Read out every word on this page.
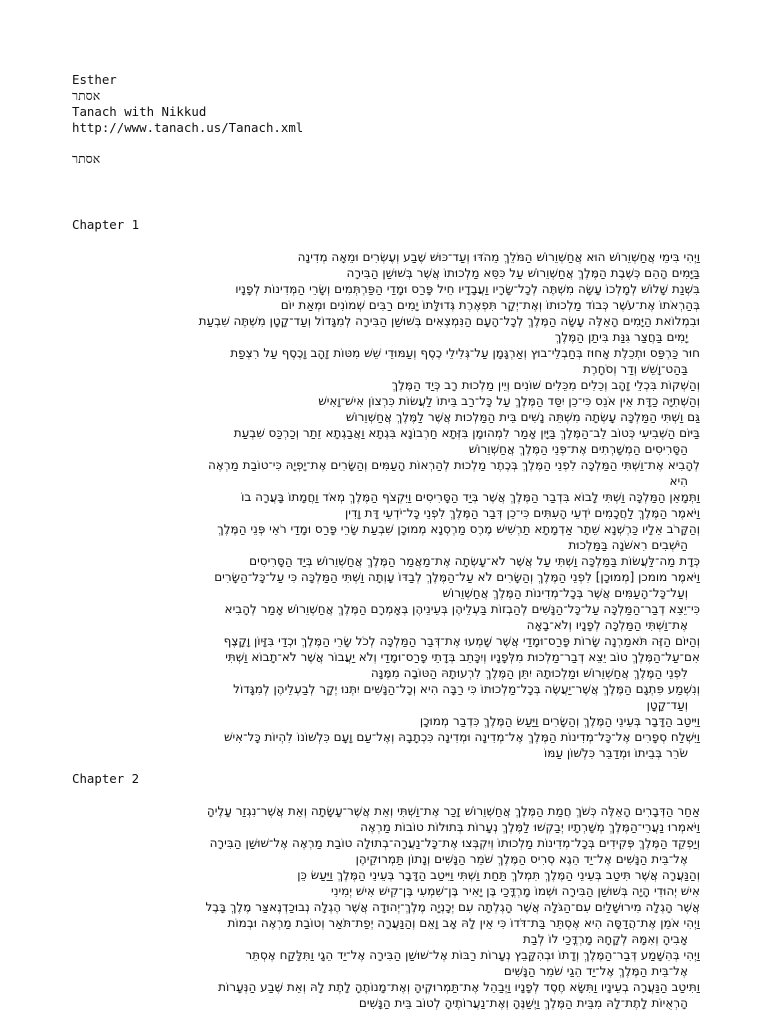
Esther
אסתר
Tanach with Nikkud
http://www.tanach.us/Tanach.xml
אסתר
Chapter 1
וַיְהִי בִּימֵי אֲחַשְׁוֵרוֹשׁ הוּא אֲחַשְׁוֵרוֹשׁ הַמֹּלֵךְ מֵהֹדּוּ וְעַד־כּוּשׁ שֶׁבַע וְעֶשְׂרִים וּמֵאָה מְדִינָה
בַּיָּמִים הָהֵם כְּשֶׁבֶת הַמֶּלֶךְ אֲחַשְׁוֵרוֹשׁ עַל כִּסֵּא מַלְכוּתוֹ אֲשֶׁר בְּשׁוּשַׁן הַבִּירָה
בִּשְׁנַת שָׁלוֹשׁ לְמָלְכוֹ עָשָׂה מִשְׁתֶּה לְכָל־שָׂרָיו וַעֲבָדָיו חֵיל פָּרַס וּמָדַי הַפַּרְתְּמִים וְשָׂרֵי הַמְּדִינוֹת לְפָנָיו
בְּהַרְאֹתוֹ אֶת־עֹשֶׁר כְּבוֹד מַלְכוּתוֹ וְאֶת־יְקָר תִּפְאֶרֶת גְּדוּלָּתוֹ יָמִים רַבִּים שְׁמוֹנִים וּמְאַת יוֹם
וּבִמְלוֹאת הַיָּמִים הָאֵלֶּה עָשָׂה הַמֶּלֶךְ לְכָל־הָעָם הַנִּמְצְאִים בְּשׁוּשַׁן הַבִּירָה לְמִגָּדוֹל וְעַד־קָטָן מִשְׁתֶּה שִׁבְעַת
יָמִים בַּחֲצַר גִּנַּת בִּיתַן הַמֶּלֶךְ
חוּר כַּרְפַּס וּתְכֵלֶת אָחוּז בְּחַבְלֵי־בוּץ וְאַרְגָּמָן עַל־גְּלִילֵי כֶסֶף וְעַמּוּדֵי שֵׁשׁ מִטּוֹת זָהָב וָכֶסֶף עַל רִצְפַת
בַּהַט־וָשֵׁשׁ וְדַר וְסֹחָרֶת
וְהַשְׁקוֹת בִּכְלֵי זָהָב וְכֵלִים מִכֵּלִים שׁוֹנִים וְיֵין מַלְכוּת רָב כְּיַד הַמֶּלֶךְ
וְהַשְּׁתִיָּה כַדָּת אֵין אֹנֵס כִּי־כֵן יִסַּד הַמֶּלֶךְ עַל כָּל־רַב בֵּיתוֹ לַעֲשׂוֹת כִּרְצוֹן אִישׁ־וָאִישׁ
גַּם וַשְׁתִּי הַמַּלְכָּה עָשְׂתָה מִשְׁתֵּה נָשִׁים בֵּית הַמַּלְכוּת אֲשֶׁר לַמֶּלֶךְ אֲחַשְׁוֵרוֹשׁ
בַּיּוֹם הַשְּׁבִיעִי כְּטוֹב לֵב־הַמֶּלֶךְ בַּיָּיִן אָמַר לִמְהוּמָן בִּזְּתָא חַרְבוֹנָא בִּגְתָא וַאֲבַגְתָא זֵתַר וְכַרְכַּס שִׁבְעַת
הַסָּרִיסִים הַמְשָׁרְתִים אֶת־פְּנֵי הַמֶּלֶךְ אֲחַשְׁוֵרוֹשׁ
לְהָבִיא אֶת־וַשְׁתִּי הַמַּלְכָּה לִפְנֵי הַמֶּלֶךְ בְּכֶתֶר מַלְכוּת לְהַרְאוֹת הָעַמִּים וְהַשָּׂרִים אֶת־יָפְיָהּ כִּי־טוֹבַת מַרְאֶה
הִיא
וַתְּמָאֵן הַמַּלְכָּה וַשְׁתִּי לָבוֹא בִּדְבַר הַמֶּלֶךְ אֲשֶׁר בְּיַד הַסָּרִיסִים וַיִּקְצֹף הַמֶּלֶךְ מְאֹד וַחֲמָתוֹ בָּעֲרָה בוֹ
וַיֹּאמֶר הַמֶּלֶךְ לַחֲכָמִים יֹדְעֵי הָעִתִּים כִּי־כֵן דְּבַר הַמֶּלֶךְ לִפְנֵי כָּל־יֹדְעֵי דָּת וָדִין
וְהַקָּרֹב אֵלָיו כַּרְשְׁנָא שֵׁתָר אַדְמָתָא תַרְשִׁישׁ מֶרֶס מַרְסְנָא מְמוּכָן שִׁבְעַת שָׂרֵי פָּרַס וּמָדַי רֹאֵי פְּנֵי הַמֶּלֶךְ
הַיֹּשְׁבִים רִאשֹׁנָה בַּמַּלְכוּת
כְּדָת מַה־לַּעֲשׂוֹת בַּמַּלְכָּה וַשְׁתִּי עַל אֲשֶׁר לֹא־עָשְׂתָה אֶת־מַאֲמַר הַמֶּלֶךְ אֲחַשְׁוֵרוֹשׁ בְּיַד הַסָּרִיסִים
וַיֹּאמֶר מומכן [מְמוּכָן] לִפְנֵי הַמֶּלֶךְ וְהַשָּׂרִים לֹא עַל־הַמֶּלֶךְ לְבַדּוֹ עָוְתָה וַשְׁתִּי הַמַּלְכָּה כִּי עַל־כָּל־הַשָּׂרִים
וְעַל־כָּל־הָעַמִּים אֲשֶׁר בְּכָל־מְדִינוֹת הַמֶּלֶךְ אֲחַשְׁוֵרוֹשׁ
כִּי־יֵצֵא דְבַר־הַמַּלְכָּה עַל־כָּל־הַנָּשִׁים לְהַבְזוֹת בַּעְלֵיהֶן בְּעֵינֵיהֶן בְּאָמְרָם הַמֶּלֶךְ אֲחַשְׁוֵרוֹשׁ אָמַר לְהָבִיא
אֶת־וַשְׁתִּי הַמַּלְכָּה לְפָנָיו וְלֹא־בָאָה
וְהַיּוֹם הַזֶּה תֹּאמַרְנָה שָׂרוֹת פָּרַס־וּמָדַי אֲשֶׁר שָׁמְעוּ אֶת־דְּבַר הַמַּלְכָּה לְכֹל שָׂרֵי הַמֶּלֶךְ וּכְדַי בִּזָּיוֹן וָקָצֶף
אִם־עַל־הַמֶּלֶךְ טוֹב יֵצֵא דְבַר־מַלְכוּת מִלְּפָנָיו וְיִכָּתֵב בְּדָתֵי פָרַס־וּמָדַי וְלֹא יַעֲבוֹר אֲשֶׁר לֹא־תָבוֹא וַשְׁתִּי
לִפְנֵי הַמֶּלֶךְ אֲחַשְׁוֵרוֹשׁ וּמַלְכוּתָהּ יִתֵּן הַמֶּלֶךְ לִרְעוּתָהּ הַטּוֹבָה מִמֶּנָּה
וְנִשְׁמַע פִּתְגָם הַמֶּלֶךְ אֲשֶׁר־יַעֲשֶׂה בְּכָל־מַלְכוּתוֹ כִּי רַבָּה הִיא וְכָל־הַנָּשִׁים יִתְּנוּ יְקָר לְבַעְלֵיהֶן לְמִגָּדוֹל
וְעַד־קָטָן
וַיִּיטַב הַדָּבָר בְּעֵינֵי הַמֶּלֶךְ וְהַשָּׂרִים וַיַּעַשׂ הַמֶּלֶךְ כִּדְבַר מְמוּכָן
וַיִּשְׁלַח סְפָרִים אֶל־כָּל־מְדִינוֹת הַמֶּלֶךְ אֶל־מְדִינָה וּמְדִינָה כִּכְתָבָהּ וְאֶל־עַם וָעָם כִּלְשׁוֹנוֹ לִהְיוֹת כָּל־אִישׁ
שֹׂרֵר בְּבֵיתוֹ וּמְדַבֵּר כִּלְשׁוֹן עַמּוֹ
Chapter 2
אַחַר הַדְּבָרִים הָאֵלֶּה כְּשֹׁךְ חֲמַת הַמֶּלֶךְ אֲחַשְׁוֵרוֹשׁ זָכַר אֶת־וַשְׁתִּי וְאֵת אֲשֶׁר־עָשָׂתָה וְאֵת אֲשֶׁר־נִגְזַר עָלֶיהָ
וַיֹּאמְרוּ נַעֲרֵי־הַמֶּלֶךְ מְשָׁרְתָיו יְבַקְשׁוּ לַמֶּלֶךְ נְעָרוֹת בְּתוּלוֹת טוֹבוֹת מַרְאֶה
וְיַפְקֵד הַמֶּלֶךְ פְּקִידִים בְּכָל־מְדִינוֹת מַלְכוּתוֹ וְיִקְבְּצוּ אֶת־כָּל־נַעֲרָה־בְתוּלָה טוֹבַת מַרְאֶה אֶל־שׁוּשַׁן הַבִּירָה
אֶל־בֵּית הַנָּשִׁים אֶל־יַד הֵגֶא סְרִיס הַמֶּלֶךְ שֹׁמֵר הַנָּשִׁים וְנָתוֹן תַּמְרוּקֵיהֶן
וְהַנַּעֲרָה אֲשֶׁר תִּיטַב בְּעֵינֵי הַמֶּלֶךְ תִּמְלֹךְ תַּחַת וַשְׁתִּי וַיִּיטַב הַדָּבָר בְּעֵינֵי הַמֶּלֶךְ וַיַּעַשׂ כֵּן
אִישׁ יְהוּדִי הָיָה בְּשׁוּשַׁן הַבִּירָה וּשְׁמוֹ מָרְדֳּכַי בֶּן יָאִיר בֶּן־שִׁמְעִי בֶּן־קִישׁ אִישׁ יְמִינִי
אֲשֶׁר הָגְלָה מִירוּשָׁלַיִם עִם־הַגֹּלָה אֲשֶׁר הָגְלְתָה עִם יְכָנְיָה מֶלֶךְ־יְהוּדָה אֲשֶׁר הֶגְלָה נְבוּכַדְנֶאצַּר מֶלֶךְ בָּבֶל
וַיְהִי אֹמֵן אֶת־הֲדַסָּה הִיא אֶסְתֵּר בַּת־דֹּדוֹ כִּי אֵין לָהּ אָב וָאֵם וְהַנַּעֲרָה יְפַת־תֹּאַר וְטוֹבַת מַרְאֶה וּבְמוֹת
אָבִיהָ וְאִמָּהּ לְקָחָהּ מָרְדֳּכַי לוֹ לְבַת
וַיְהִי בְּהִשָּׁמַע דְּבַר־הַמֶּלֶךְ וְדָתוֹ וּבְהִקָּבֵץ נְעָרוֹת רַבּוֹת אֶל־שׁוּשַׁן הַבִּירָה אֶל־יַד הֵגָי וַתִּלָּקַח אֶסְתֵּר
אֶל־בֵּית הַמֶּלֶךְ אֶל־יַד הֵגַי שֹׁמֵר הַנָּשִׁים
וַתִּיטַב הַנַּעֲרָה בְעֵינָיו וַתִּשָּׂא חֶסֶד לְפָנָיו וַיְבַהֵל אֶת־תַּמְרוּקֶיהָ וְאֶת־מָנוֹתֶהָ לָתֶת לָהּ וְאֵת שֶׁבַע הַנְּעָרוֹת
הָרְאֻיוֹת לָתֶת־לָהּ מִבֵּית הַמֶּלֶךְ וַיְשַׁנֶּהָ וְאֶת־נַעֲרוֹתֶיהָ לְטוֹב בֵּית הַנָּשִׁים
